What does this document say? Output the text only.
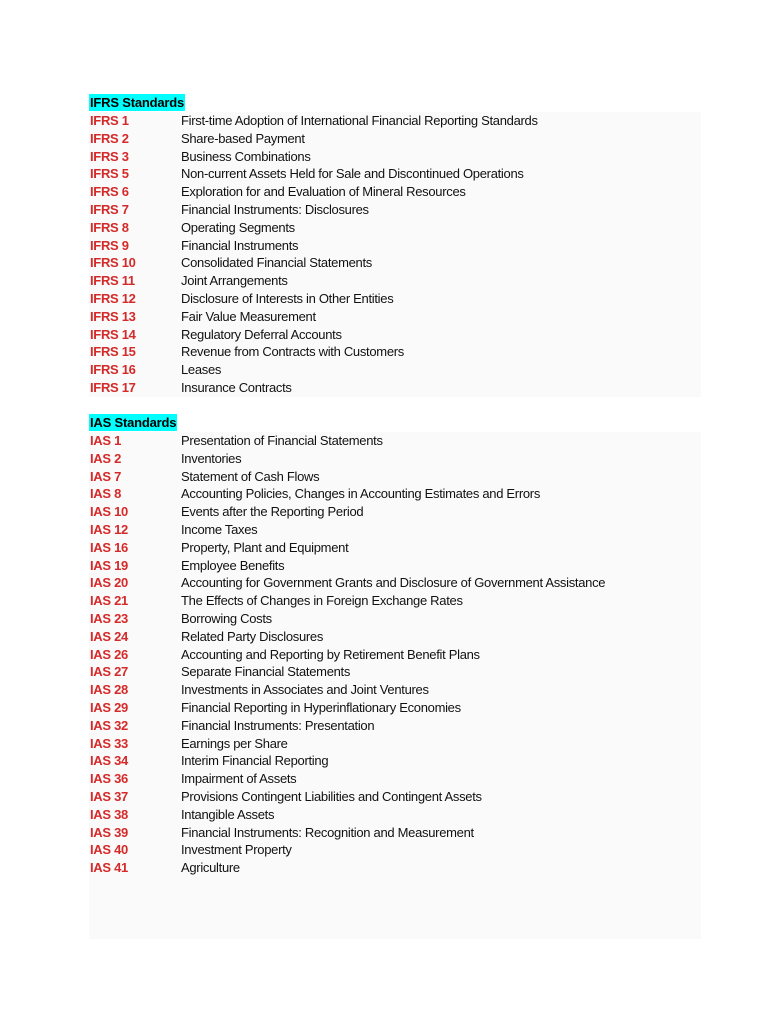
IFRS Standards
IFRS 1	First-time Adoption of International Financial Reporting Standards
IFRS 2	Share-based Payment
IFRS 3	Business Combinations
IFRS 5	Non-current Assets Held for Sale and Discontinued Operations
IFRS 6	Exploration for and Evaluation of Mineral Resources
IFRS 7	Financial Instruments: Disclosures
IFRS 8	Operating Segments
IFRS 9	Financial Instruments
IFRS 10	Consolidated Financial Statements
IFRS 11	Joint Arrangements
IFRS 12	Disclosure of Interests in Other Entities
IFRS 13	Fair Value Measurement
IFRS 14	Regulatory Deferral Accounts
IFRS 15	Revenue from Contracts with Customers
IFRS 16	Leases
IFRS 17	Insurance Contracts
IAS Standards
IAS 1	Presentation of Financial Statements
IAS 2	Inventories
IAS 7	Statement of Cash Flows
IAS 8	Accounting Policies, Changes in Accounting Estimates and Errors
IAS 10	Events after the Reporting Period
IAS 12	Income Taxes
IAS 16	Property, Plant and Equipment
IAS 19	Employee Benefits
IAS 20	Accounting for Government Grants and Disclosure of Government Assistance
IAS 21	The Effects of Changes in Foreign Exchange Rates
IAS 23	Borrowing Costs
IAS 24	Related Party Disclosures
IAS 26	Accounting and Reporting by Retirement Benefit Plans
IAS 27	Separate Financial Statements
IAS 28	Investments in Associates and Joint Ventures
IAS 29	Financial Reporting in Hyperinflationary Economies
IAS 32	Financial Instruments: Presentation
IAS 33	Earnings per Share
IAS 34	Interim Financial Reporting
IAS 36	Impairment of Assets
IAS 37	Provisions Contingent Liabilities and Contingent Assets
IAS 38	Intangible Assets
IAS 39	Financial Instruments: Recognition and Measurement
IAS 40	Investment Property
IAS 41	Agriculture
